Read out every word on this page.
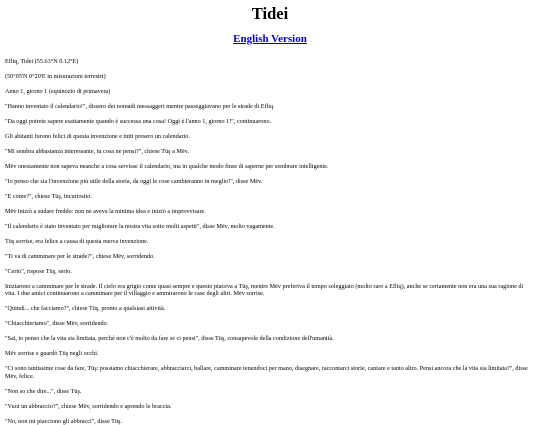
Tidei
English Version

Efliq, Tidei (55.63°N 0.12°E)

(50°05'N 0°20'E in misurazioni terrestri)

Anno 1, giorno 1 (equinozio di primavera)

"Hanno inventato il calendario!", dissero dei nomadi messaggeri mentre passeggiavano per le strade di Efliq.

"Da oggi potrete sapere esattamente quando è successa una cosa! Oggi è l'anno 1, giorno 1!", continuarono.

Gli abitanti furono felici di questa invenzione e tutti presero un calendario.

"Mi sembra abbastanza interessante, tu cosa ne pensi?", chiese Tūş a Mēv.

Mēv onestamente non sapeva neanche a cosa servisse il calendario, ma in qualche modo finse di saperne per sembrare intelligente.

"Io penso che sia l'invenzione più utile della storia, da oggi le cose cambieranno in meglio!", disse Mēv.

"E come?", chiese Tūş, incuriosito.

Mēv iniziò a sudare freddo: non ne aveva la minima idea e iniziò a improvvisare.

"Il calendario è stato inventato per migliorare la nostra vita sotto molti aspetti", disse Mēv, molto vagamente.

Tūş sorrise, era felice a causa di questa nuova invenzione.

"Ti va di camminare per le strade?", chiese Mēv, sorridendo.

"Certo", rispose Tūş, serio.

Iniziarono a camminare per le strade. Il cielo era grigio come quasi sempre e questo piaceva a Tūş, mentre Mēv preferiva il tempo soleggiato (molto raro a Efliq), anche se certamente non era una sua ragione di vita. I due amici continuarono a camminare per il villaggio e ammirarono le case degli altri. Mēv sorrise.

"Quindi... che facciamo?", chiese Tūş, pronto a qualsiasi attività.

"Chiacchieriamo", disse Mēv, sorridendo.

"Sai, io penso che la vita sia limitata, perché non c'è molto da fare se ci pensi", disse Tūş, consapevole della condizione dell'umanità.

Mēv sorrise e guardò Tūş negli occhi.

"Ci sono tantissime cose da fare, Tūş: possiamo chiacchierare, abbracciarci, ballare, camminare tenendoci per mano, disegnare, raccontarci storie, cantare e tanto altro. Pensi ancora che la vita sia limitata?", disse Mēv, felice.

"Non so che dire...", disse Tūş.

"Vuoi un abbraccio?", chiese Mēv, sorridendo e aprendo le braccia.

"No, non mi piacciono gli abbracci", disse Tūş.
